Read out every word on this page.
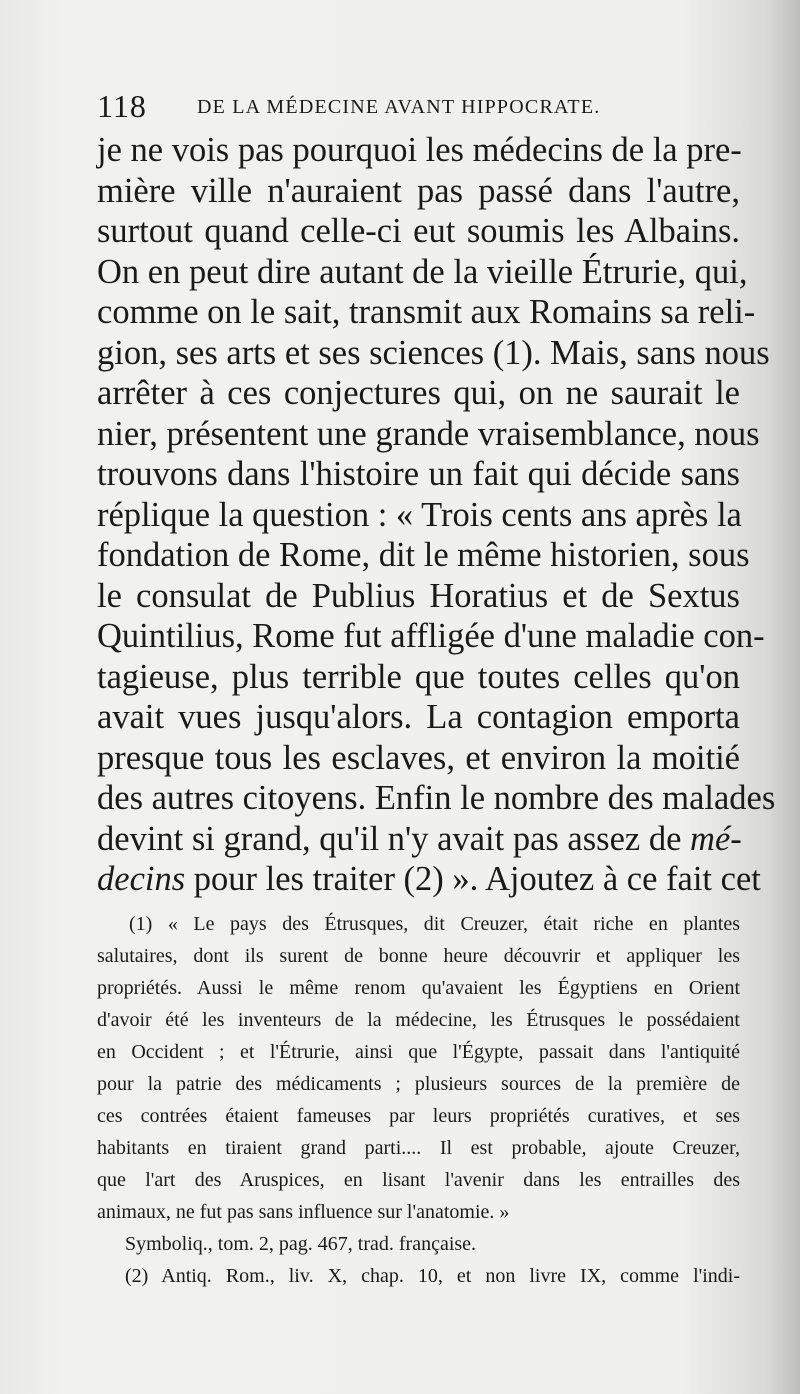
118	DE LA MÉDECINE AVANT HIPPOCRATE.
je ne vois pas pourquoi les médecins de la pre-
mière ville n'auraient pas passé dans l'autre,
surtout quand celle-ci eut soumis les Albains.
On en peut dire autant de la vieille Étrurie, qui,
comme on le sait, transmit aux Romains sa reli-
gion, ses arts et ses sciences (1). Mais, sans nous
arrêter à ces conjectures qui, on ne saurait le
nier, présentent une grande vraisemblance, nous
trouvons dans l'histoire un fait qui décide sans
réplique la question : « Trois cents ans après la
fondation de Rome, dit le même historien, sous
le consulat de Publius Horatius et de Sextus
Quintilius, Rome fut affligée d'une maladie con-
tagieuse, plus terrible que toutes celles qu'on
avait vues jusqu'alors. La contagion emporta
presque tous les esclaves, et environ la moitié
des autres citoyens. Enfin le nombre des malades
devint si grand, qu'il n'y avait pas assez de mé-
decins pour les traiter (2) ». Ajoutez à ce fait cet
(1) « Le pays des Étrusques, dit Creuzer, était riche en plantes
salutaires, dont ils surent de bonne heure découvrir et appliquer les
propriétés. Aussi le même renom qu'avaient les Égyptiens en Orient
d'avoir été les inventeurs de la médecine, les Étrusques le possédaient
en Occident ; et l'Étrurie, ainsi que l'Égypte, passait dans l'antiquité
pour la patrie des médicaments ; plusieurs sources de la première de
ces contrées étaient fameuses par leurs propriétés curatives, et ses
habitants en tiraient grand parti.... Il est probable, ajoute Creuzer,
que l'art des Aruspices, en lisant l'avenir dans les entrailles des
animaux, ne fut pas sans influence sur l'anatomie. »
Symboliq., tom. 2, pag. 467, trad. française.
(2) Antiq. Rom., liv. X, chap. 10, et non livre IX, comme l'indi-
